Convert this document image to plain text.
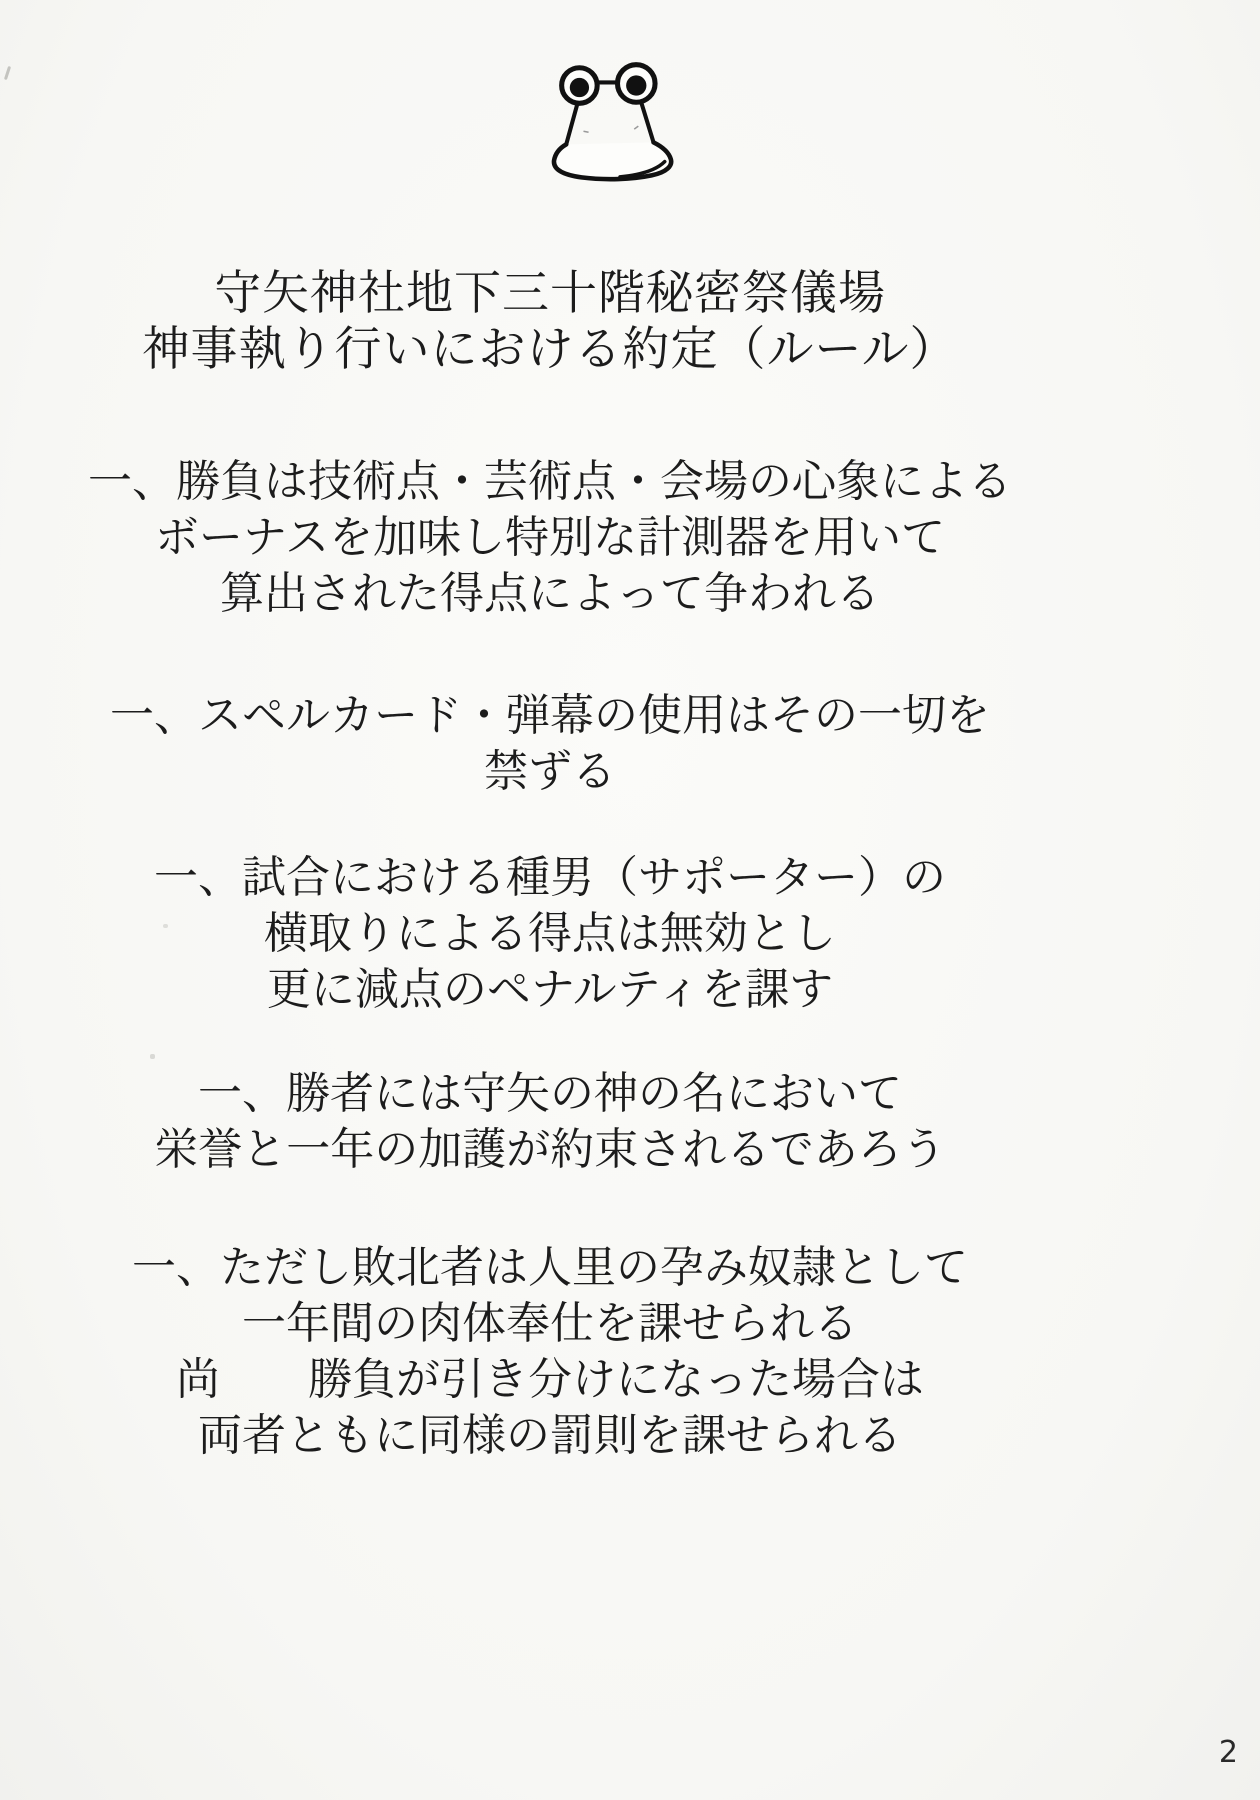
守矢神社地下三十階秘密祭儀場
神事執り行いにおける約定（ルール）
一、勝負は技術点・芸術点・会場の心象による
ボーナスを加味し特別な計測器を用いて
算出された得点によって争われる
一、スペルカード・弾幕の使用はその一切を
禁ずる
一、試合における種男（サポーター）の
横取りによる得点は無効とし
更に減点のペナルティを課す
一、勝者には守矢の神の名において
栄誉と一年の加護が約束されるであろう
一、ただし敗北者は人里の孕み奴隷として
一年間の肉体奉仕を課せられる
尚　　勝負が引き分けになった場合は
両者ともに同様の罰則を課せられる
2
